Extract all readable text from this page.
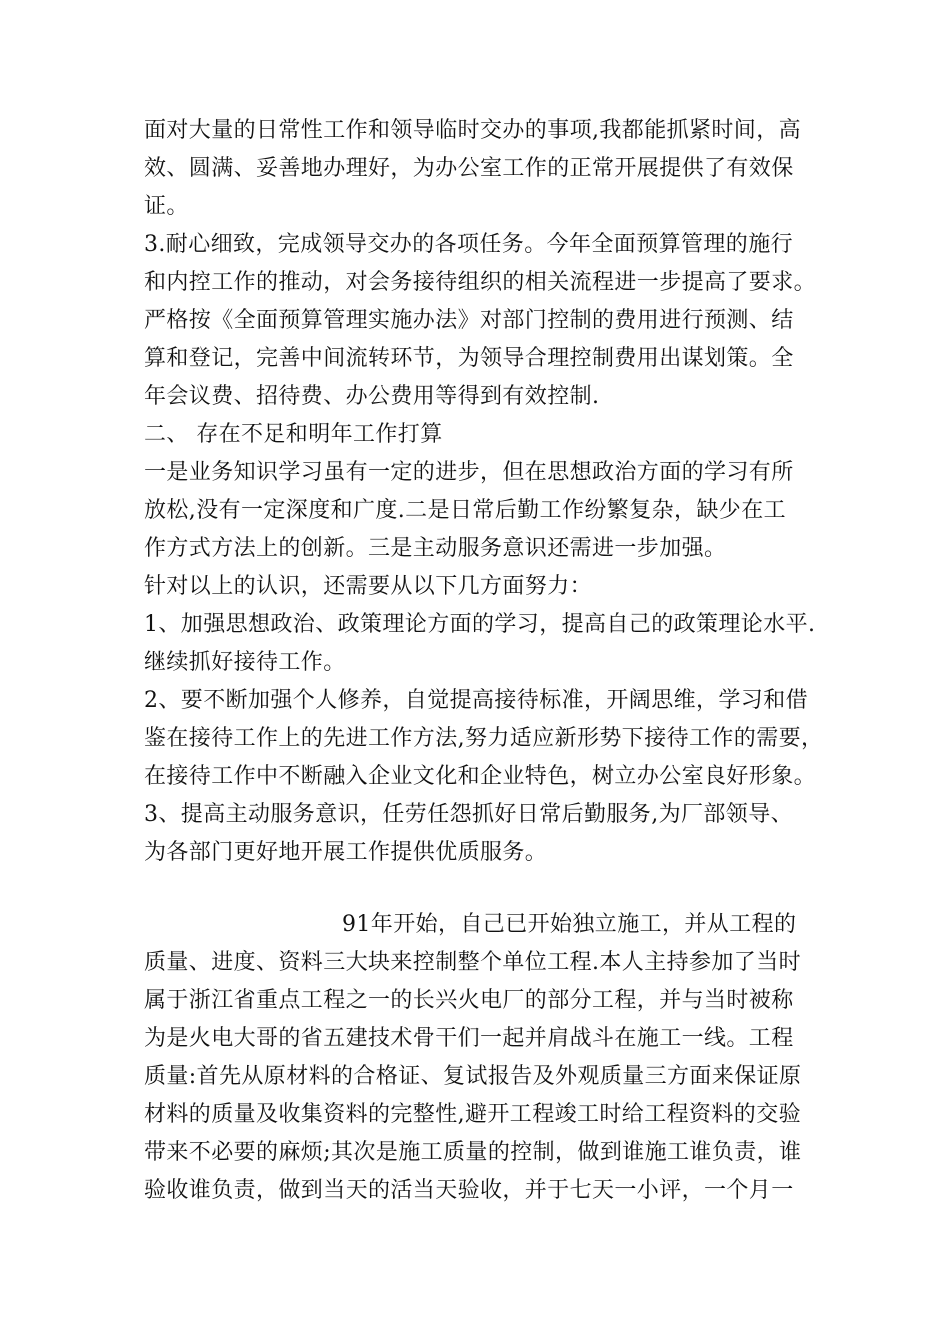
面对大量的日常性工作和领导临时交办的事项,我都能抓紧时间，高

效、圆满、妥善地办理好，为办公室工作的正常开展提供了有效保

证。

3.耐心细致，完成领导交办的各项任务。今年全面预算管理的施行

和内控工作的推动，对会务接待组织的相关流程进一步提高了要求。

严格按《全面预算管理实施办法》对部门控制的费用进行预测、结

算和登记，完善中间流转环节，为领导合理控制费用出谋划策。全

年会议费、招待费、办公费用等得到有效控制.

二、 存在不足和明年工作打算

一是业务知识学习虽有一定的进步，但在思想政治方面的学习有所

放松,没有一定深度和广度.二是日常后勤工作纷繁复杂，缺少在工

作方式方法上的创新。三是主动服务意识还需进一步加强。

针对以上的认识，还需要从以下几方面努力：

1、加强思想政治、政策理论方面的学习，提高自己的政策理论水平.

继续抓好接待工作。

2、要不断加强个人修养，自觉提高接待标准，开阔思维，学习和借

鉴在接待工作上的先进工作方法,努力适应新形势下接待工作的需要，

在接待工作中不断融入企业文化和企业特色，树立办公室良好形象。

3、提高主动服务意识，任劳任怨抓好日常后勤服务,为厂部领导、

为各部门更好地开展工作提供优质服务。

91年开始，自己已开始独立施工，并从工程的

质量、进度、资料三大块来控制整个单位工程.本人主持参加了当时

属于浙江省重点工程之一的长兴火电厂的部分工程，并与当时被称

为是火电大哥的省五建技术骨干们一起并肩战斗在施工一线。工程

质量:首先从原材料的合格证、复试报告及外观质量三方面来保证原

材料的质量及收集资料的完整性,避开工程竣工时给工程资料的交验

带来不必要的麻烦;其次是施工质量的控制，做到谁施工谁负责，谁

验收谁负责，做到当天的活当天验收，并于七天一小评，一个月一
